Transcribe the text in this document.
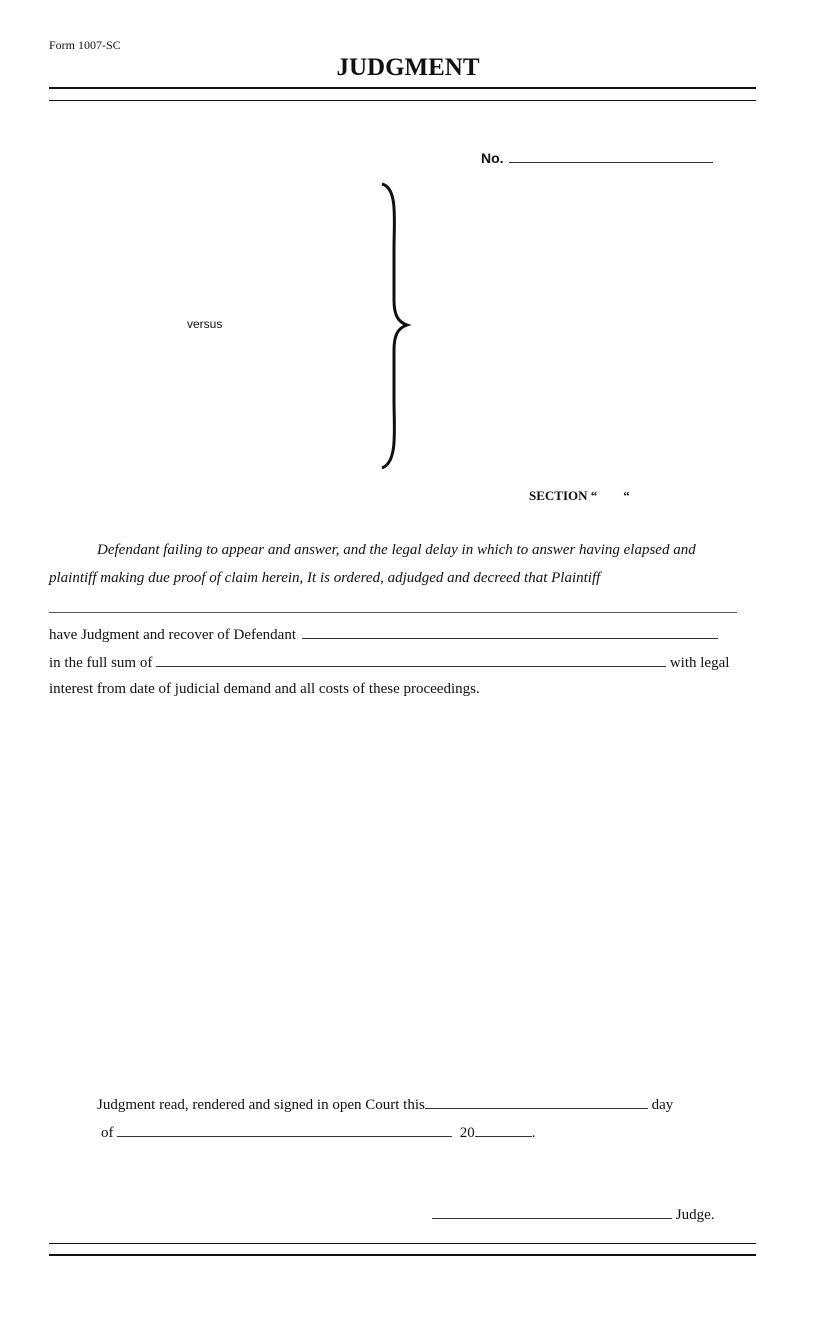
Form 1007-SC
JUDGMENT
No.
versus
SECTION “        “
Defendant failing to appear and answer, and the legal delay in which to answer having elapsed and
plaintiff making due proof of claim herein, It is ordered, adjudged and decreed that Plaintiff
have Judgment and recover of Defendant
in the full sum of	with legal
interest from date of judicial demand and all costs of these proceedings.
Judgment read, rendered and signed in open Court this	day
of	20	.
Judge.
